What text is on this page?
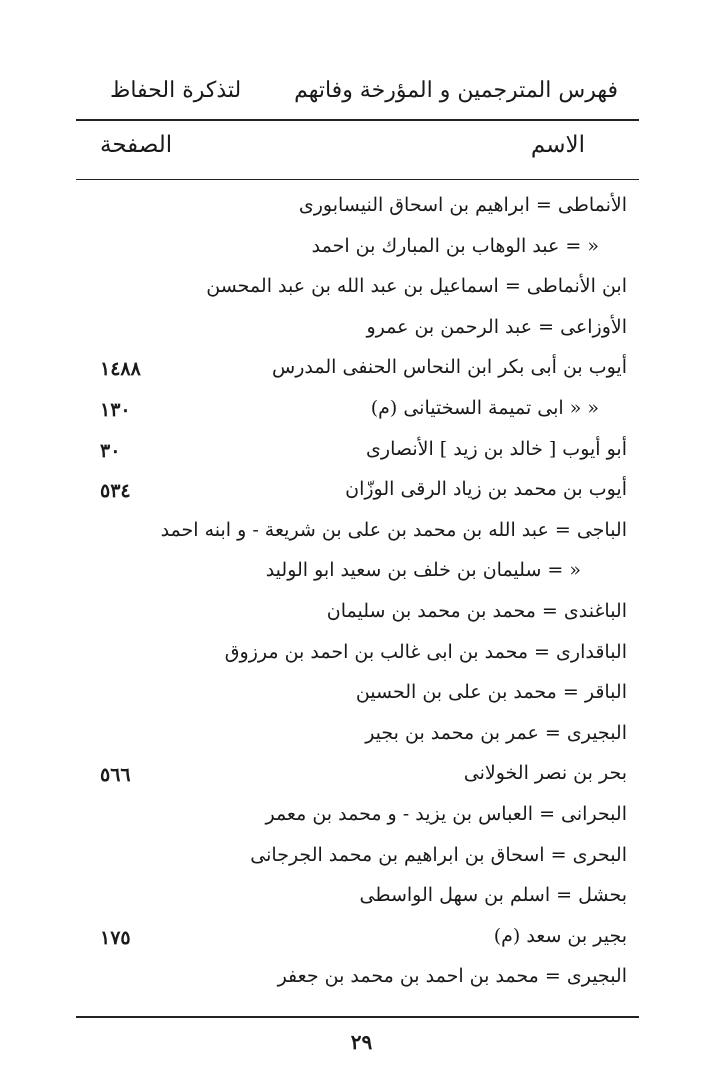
فهرس المترجمين و المؤرخة وفاتهم
لتذكرة الحفاظ
الاسم
الصفحة
الأنماطى = ابراهيم بن اسحاق النيسابورى
« = عبد الوهاب بن المبارك بن احمد
ابن الأنماطى = اسماعيل بن عبد الله بن عبد المحسن
الأوزاعى = عبد الرحمن بن عمرو
أيوب بن أبى بكر ابن النحاس الحنفى المدرس
١٤٨٨
« « ابى تميمة السختيانى (م)
١٣٠
أبو أيوب [ خالد بن زيد ] الأنصارى
٣٠
أيوب بن محمد بن زياد الرقى الوزّان
٥٣٤
الباجى = عبد الله بن محمد بن على بن شريعة - و ابنه احمد
« = سليمان بن خلف بن سعيد ابو الوليد
الباغندى = محمد بن محمد بن سليمان
الباقدارى = محمد بن ابى غالب بن احمد بن مرزوق
الباقر = محمد بن على بن الحسين
البجيرى = عمر بن محمد بن بجير
بحر بن نصر الخولانى
٥٦٦
البحرانى = العباس بن يزيد - و محمد بن معمر
البحرى = اسحاق بن ابراهيم بن محمد الجرجانى
بحشل = اسلم بن سهل الواسطى
بجير بن سعد (م)
١٧٥
البجيرى = محمد بن احمد بن محمد بن جعفر
٢٩
